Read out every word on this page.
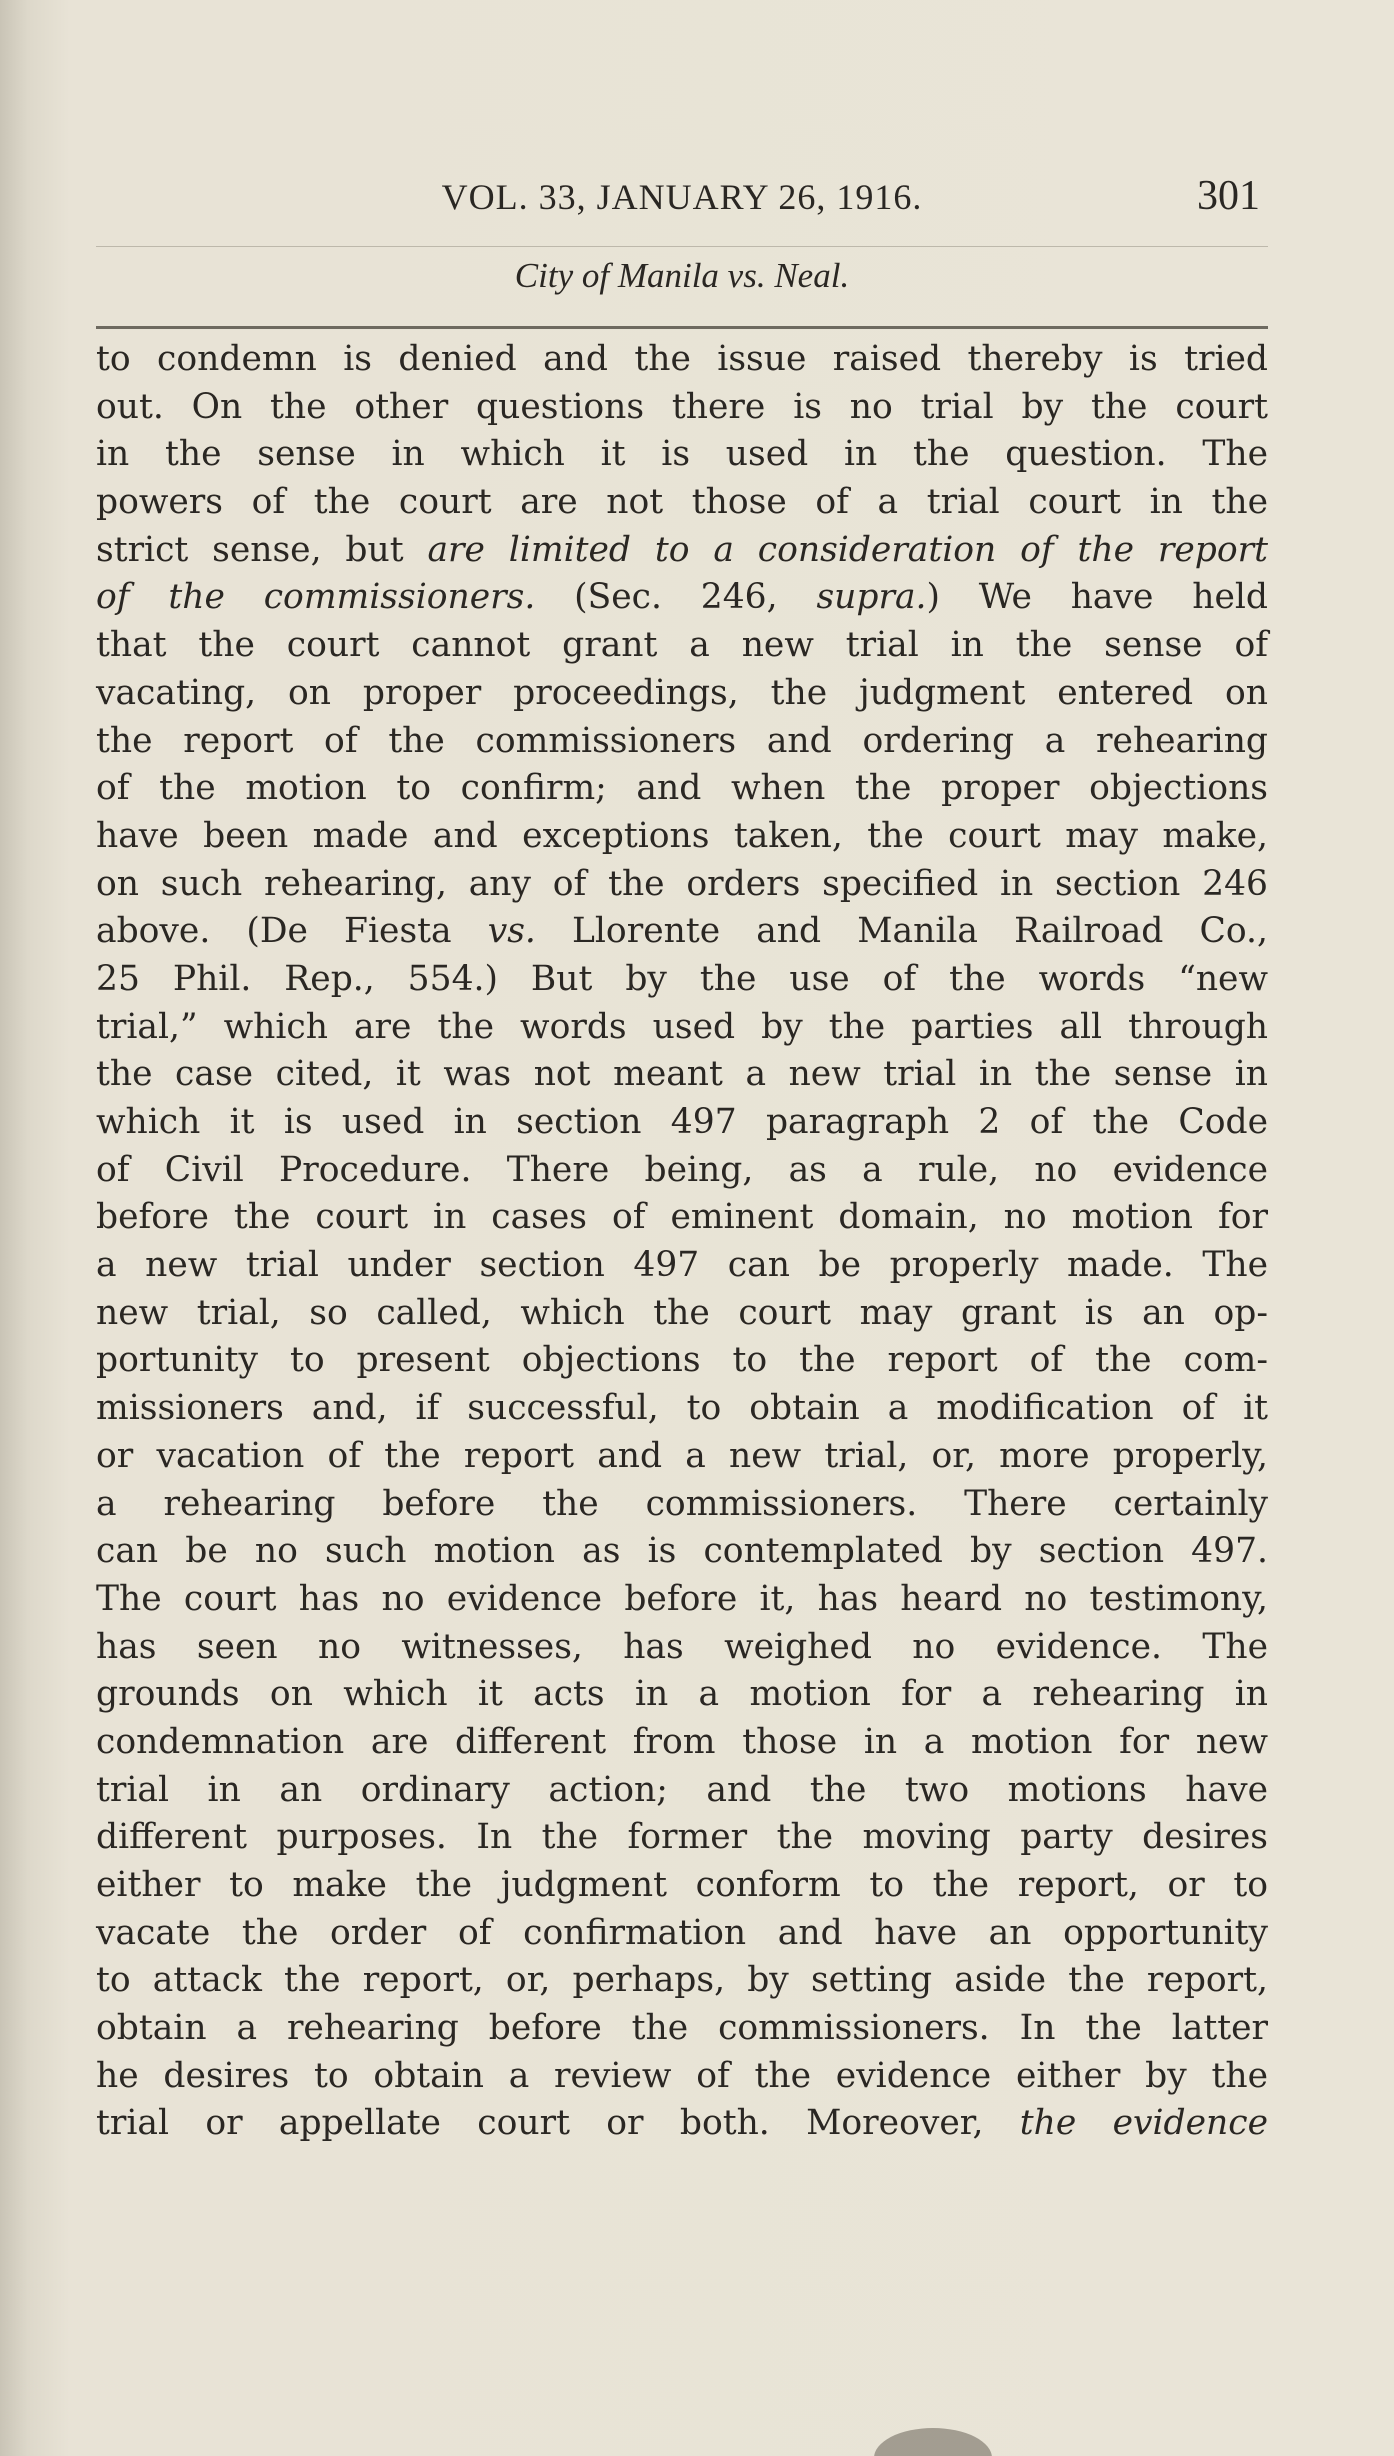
VOL. 33, JANUARY 26, 1916.	301
City of Manila vs. Neal.
to condemn is denied and the issue raised thereby is tried
out. On the other questions there is no trial by the court
in the sense in which it is used in the question. The
powers of the court are not those of a trial court in the
strict sense, but are limited to a consideration of the report
of the commissioners. (Sec. 246, supra.) We have held
that the court cannot grant a new trial in the sense of
vacating, on proper proceedings, the judgment entered on
the report of the commissioners and ordering a rehearing
of the motion to confirm; and when the proper objections
have been made and exceptions taken, the court may make,
on such rehearing, any of the orders specified in section 246
above. (De Fiesta vs. Llorente and Manila Railroad Co.,
25 Phil. Rep., 554.) But by the use of the words “new
trial,” which are the words used by the parties all through
the case cited, it was not meant a new trial in the sense in
which it is used in section 497 paragraph 2 of the Code
of Civil Procedure. There being, as a rule, no evidence
before the court in cases of eminent domain, no motion for
a new trial under section 497 can be properly made. The
new trial, so called, which the court may grant is an op-
portunity to present objections to the report of the com-
missioners and, if successful, to obtain a modification of it
or vacation of the report and a new trial, or, more properly,
a rehearing before the commissioners. There certainly
can be no such motion as is contemplated by section 497.
The court has no evidence before it, has heard no testimony,
has seen no witnesses, has weighed no evidence. The
grounds on which it acts in a motion for a rehearing in
condemnation are different from those in a motion for new
trial in an ordinary action; and the two motions have
different purposes. In the former the moving party desires
either to make the judgment conform to the report, or to
vacate the order of confirmation and have an opportunity
to attack the report, or, perhaps, by setting aside the report,
obtain a rehearing before the commissioners. In the latter
he desires to obtain a review of the evidence either by the
trial or appellate court or both. Moreover, the evidence
